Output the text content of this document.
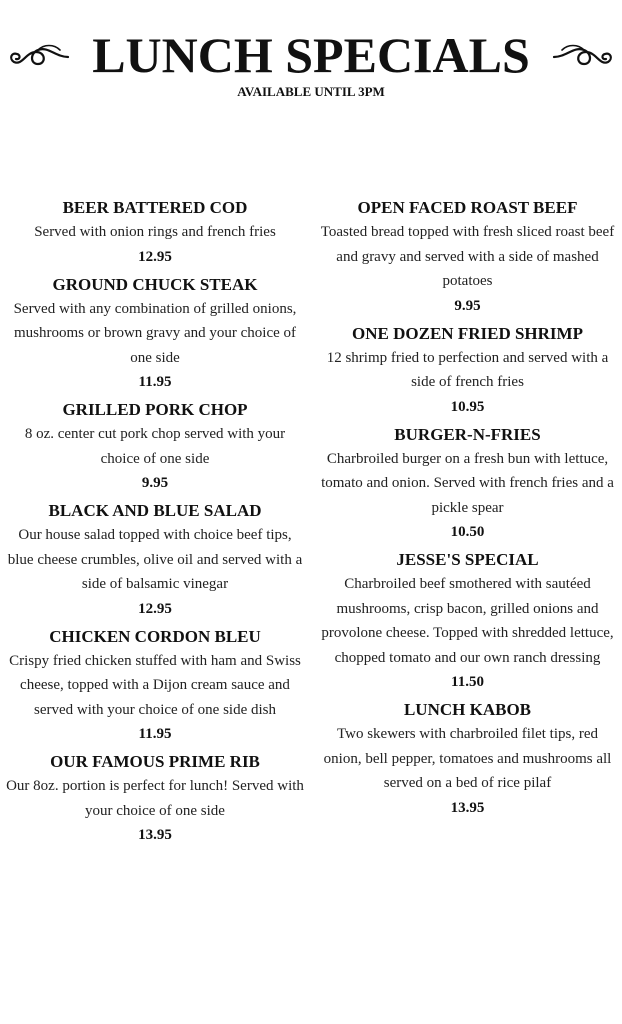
LUNCH SPECIALS
AVAILABLE UNTIL 3PM
BEER BATTERED COD
Served with onion rings and french fries
12.95
GROUND CHUCK STEAK
Served with any combination of grilled onions, mushrooms or brown gravy and your choice of one side
11.95
GRILLED PORK CHOP
8 oz. center cut pork chop served with your choice of one side
9.95
BLACK AND BLUE SALAD
Our house salad topped with choice beef tips, blue cheese crumbles, olive oil and served with a side of balsamic vinegar
12.95
CHICKEN CORDON BLEU
Crispy fried chicken stuffed with ham and Swiss cheese, topped with a Dijon cream sauce and served with your choice of one side dish
11.95
OUR FAMOUS PRIME RIB
Our 8oz. portion is perfect for lunch! Served with your choice of one side
13.95
OPEN FACED ROAST BEEF
Toasted bread topped with fresh sliced roast beef and gravy and served with a side of mashed potatoes
9.95
ONE DOZEN FRIED SHRIMP
12 shrimp fried to perfection and served with a side of french fries
10.95
BURGER-N-FRIES
Charbroiled burger on a fresh bun with lettuce, tomato and onion. Served with french fries and a pickle spear
10.50
JESSE'S SPECIAL
Charbroiled beef smothered with sautéed mushrooms, crisp bacon, grilled onions and provolone cheese. Topped with shredded lettuce, chopped tomato and our own ranch dressing
11.50
LUNCH KABOB
Two skewers with charbroiled filet tips, red onion, bell pepper, tomatoes and mushrooms all served on a bed of rice pilaf
13.95
